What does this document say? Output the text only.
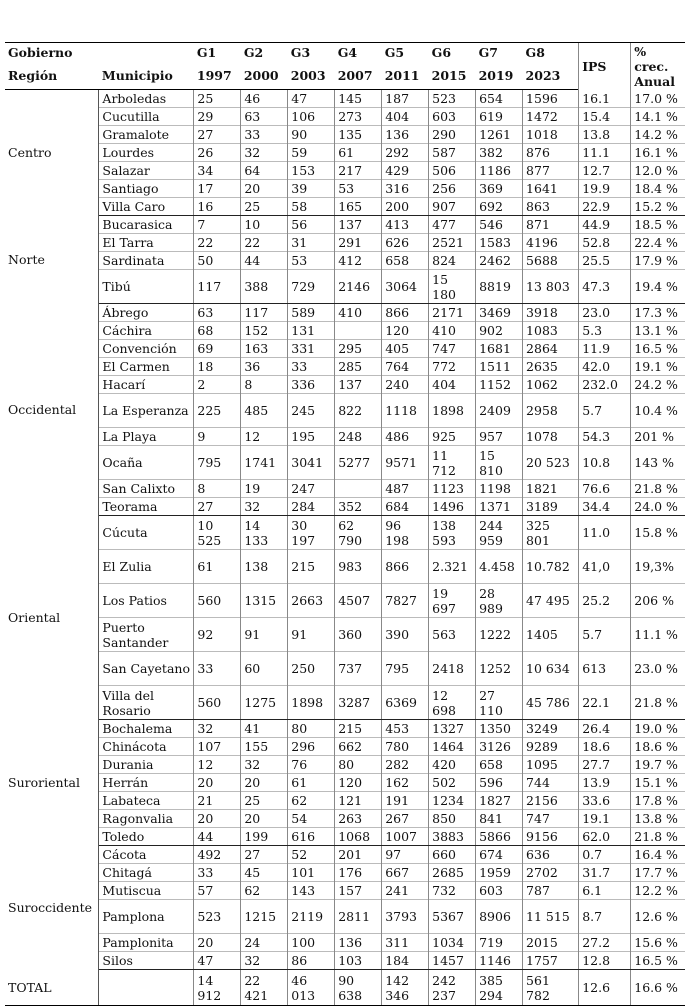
Gobierno		G1	G2	G3	G4	G5	G6	G7	G8	IPS	% crec. Anual
Región	Municipio	1997	2000	2003	2007	2011	2015	2019	2023		
Centro	Arboledas	25	46	47	145	187	523	654	1596	16.1	17.0 %
	Cucutilla	29	63	106	273	404	603	619	1472	15.4	14.1 %
	Gramalote	27	33	90	135	136	290	1261	1018	13.8	14.2 %
	Lourdes	26	32	59	61	292	587	382	876	11.1	16.1 %
	Salazar	34	64	153	217	429	506	1186	877	12.7	12.0 %
	Santiago	17	20	39	53	316	256	369	1641	19.9	18.4 %
	Villa Caro	16	25	58	165	200	907	692	863	22.9	15.2 %
Norte	Bucarasica	7	10	56	137	413	477	546	871	44.9	18.5 %
	El Tarra	22	22	31	291	626	2521	1583	4196	52.8	22.4 %
	Sardinata	50	44	53	412	658	824	2462	5688	25.5	17.9 %
	Tibú	117	388	729	2146	3064	15 180	8819	13 803	47.3	19.4 %
Occidental	Ábrego	63	117	589	410	866	2171	3469	3918	23.0	17.3 %
	Cáchira	68	152	131		120	410	902	1083	5.3	13.1 %
	Convención	69	163	331	295	405	747	1681	2864	11.9	16.5 %
	El Carmen	18	36	33	285	764	772	1511	2635	42.0	19.1 %
	Hacarí	2	8	336	137	240	404	1152	1062	232.0	24.2 %
	La Esperanza	225	485	245	822	1118	1898	2409	2958	5.7	10.4 %
	La Playa	9	12	195	248	486	925	957	1078	54.3	201 %
	Ocaña	795	1741	3041	5277	9571	11 712	15 810	20 523	10.8	143 %
	San Calixto	8	19	247		487	1123	1198	1821	76.6	21.8 %
	Teorama	27	32	284	352	684	1496	1371	3189	34.4	24.0 %
Oriental	Cúcuta	10 525	14 133	30 197	62 790	96 198	138 593	244 959	325 801	11.0	15.8 %
	El Zulia	61	138	215	983	866	2.321	4.458	10.782	41,0	19,3%
	Los Patios	560	1315	2663	4507	7827	19 697	28 989	47 495	25.2	206 %
	Puerto Santander	92	91	91	360	390	563	1222	1405	5.7	11.1 %
	San Cayetano	33	60	250	737	795	2418	1252	10 634	613	23.0 %
	Villa del Rosario	560	1275	1898	3287	6369	12 698	27 110	45 786	22.1	21.8 %
Suroriental	Bochalema	32	41	80	215	453	1327	1350	3249	26.4	19.0 %
	Chinácota	107	155	296	662	780	1464	3126	9289	18.6	18.6 %
	Durania	12	32	76	80	282	420	658	1095	27.7	19.7 %
	Herrán	20	20	61	120	162	502	596	744	13.9	15.1 %
	Labateca	21	25	62	121	191	1234	1827	2156	33.6	17.8 %
	Ragonvalia	20	20	54	263	267	850	841	747	19.1	13.8 %
	Toledo	44	199	616	1068	1007	3883	5866	9156	62.0	21.8 %
Suroccidente	Cácota	492	27	52	201	97	660	674	636	0.7	16.4 %
	Chitagá	33	45	101	176	667	2685	1959	2702	31.7	17.7 %
	Mutiscua	57	62	143	157	241	732	603	787	6.1	12.2 %
	Pamplona	523	1215	2119	2811	3793	5367	8906	11 515	8.7	12.6 %
	Pamplonita	20	24	100	136	311	1034	719	2015	27.2	15.6 %
	Silos	47	32	86	103	184	1457	1146	1757	12.8	16.5 %
TOTAL		14 912	22 421	46 013	90 638	142 346	242 237	385 294	561 782	12.6	16.6 %
